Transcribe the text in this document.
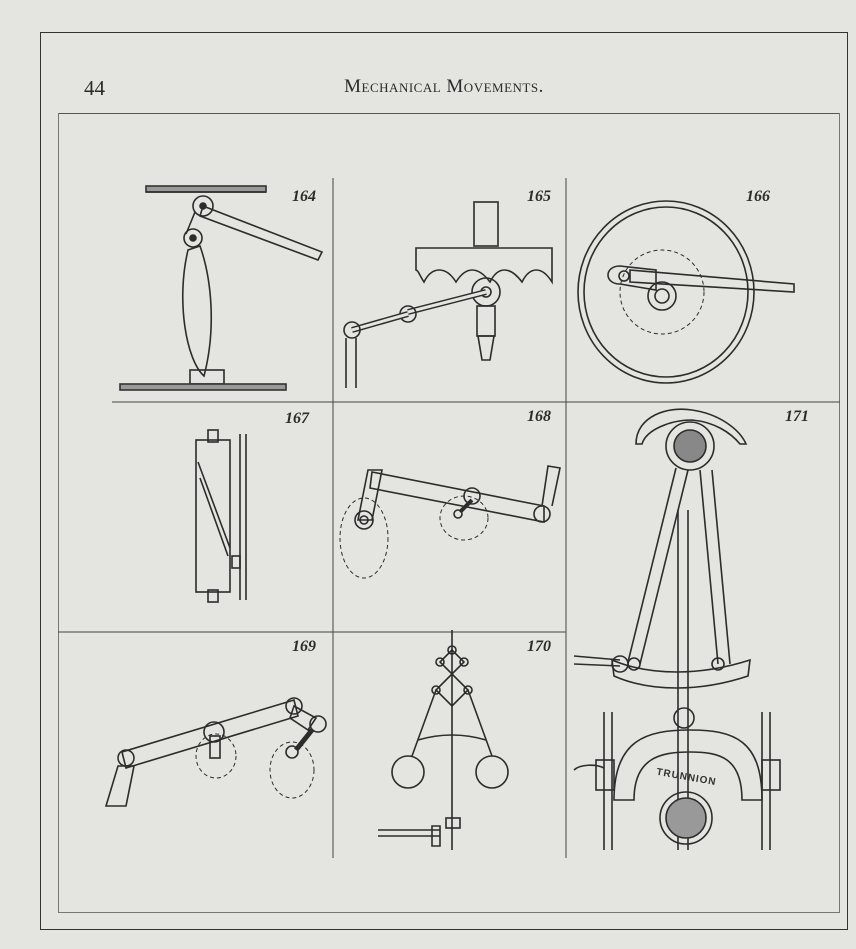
44	Mechanical Movements.
164	165	166
167	168
169	170
171
TRUNNION
